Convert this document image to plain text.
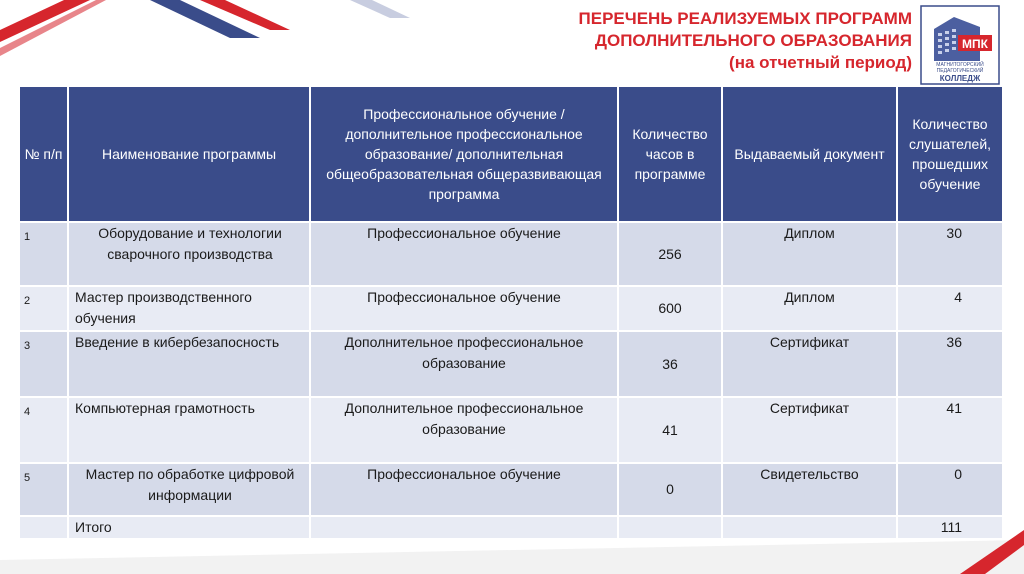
ПЕРЕЧЕНЬ РЕАЛИЗУЕМЫХ ПРОГРАММ
ДОПОЛНИТЕЛЬНОГО ОБРАЗОВАНИЯ
(на отчетный период)
МПК
МАГНИТОГОРСКИЙ
ПЕДАГОГИЧЕСКИЙ
КОЛЛЕДЖ
№ п/п	Наименование программы	Профессиональное обучение / дополнительное профессиональное образование/ дополнительная общеобразовательная общеразвивающая программа	Количество часов в программе	Выдаваемый документ	Количество слушателей, прошедших обучение
1	Оборудование и технологии сварочного производства	Профессиональное обучение	256	Диплом	30
2	Мастер производственного обучения	Профессиональное обучение	600	Диплом	4
3	Введение в кибербезапосность	Дополнительное профессиональное образование	36	Сертификат	36
4	Компьютерная грамотность	Дополнительное профессиональное образование	41	Сертификат	41
5	Мастер по обработке цифровой информации	Профессиональное обучение	0	Свидетельство	0
	Итого				111
